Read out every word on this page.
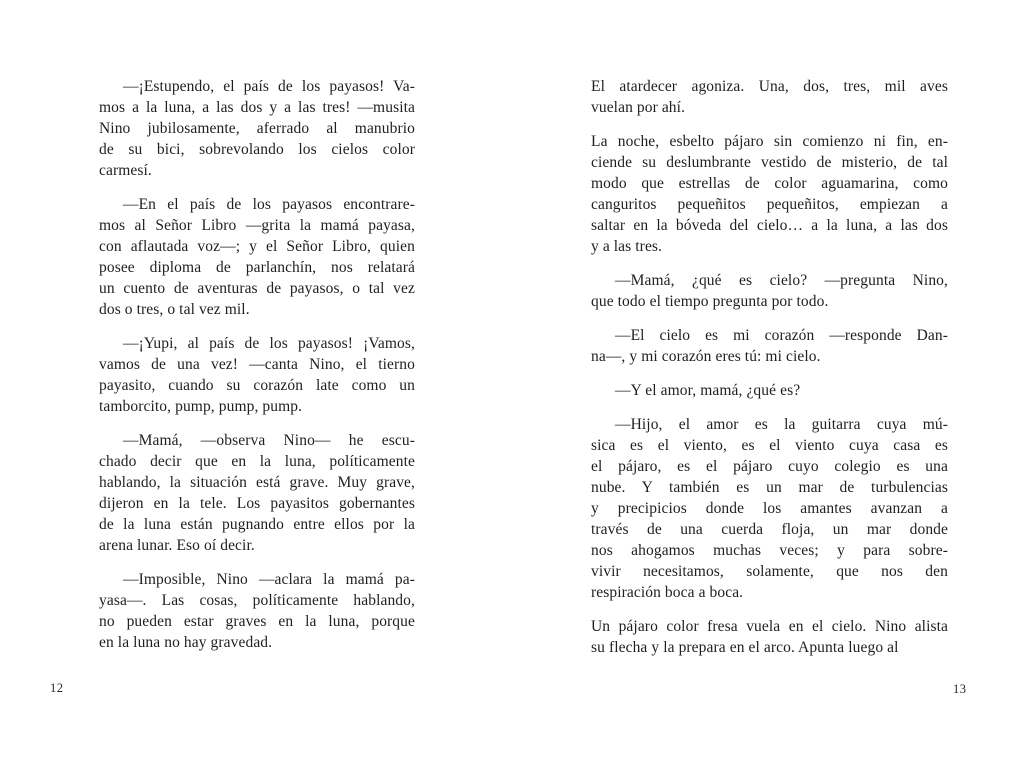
—¡Estupendo, el país de los payasos! Va-
mos a la luna, a las dos y a las tres! —musita
Nino jubilosamente, aferrado al manubrio
de su bici, sobrevolando los cielos color
carmesí.
—En el país de los payasos encontrare-
mos al Señor Libro —grita la mamá payasa,
con aflautada voz—; y el Señor Libro, quien
posee diploma de parlanchín, nos relatará
un cuento de aventuras de payasos, o tal vez
dos o tres, o tal vez mil.
—¡Yupi, al país de los payasos! ¡Vamos,
vamos de una vez! —canta Nino, el tierno
payasito, cuando su corazón late como un
tamborcito, pump, pump, pump.
—Mamá, —observa Nino— he escu-
chado decir que en la luna, políticamente
hablando, la situación está grave. Muy grave,
dijeron en la tele. Los payasitos gobernantes
de la luna están pugnando entre ellos por la
arena lunar. Eso oí decir.
—Imposible, Nino —aclara la mamá pa-
yasa—. Las cosas, políticamente hablando,
no pueden estar graves en la luna, porque
en la luna no hay gravedad.
El atardecer agoniza. Una, dos, tres, mil aves
vuelan por ahí.
La noche, esbelto pájaro sin comienzo ni fin, en-
ciende su deslumbrante vestido de misterio, de tal
modo que estrellas de color aguamarina, como
canguritos pequeñitos pequeñitos, empiezan a
saltar en la bóveda del cielo… a la luna, a las dos
y a las tres.
—Mamá, ¿qué es cielo? —pregunta Nino,
que todo el tiempo pregunta por todo.
—El cielo es mi corazón —responde Dan-
na—, y mi corazón eres tú: mi cielo.
—Y el amor, mamá, ¿qué es?
—Hijo, el amor es la guitarra cuya mú-
sica es el viento, es el viento cuya casa es
el pájaro, es el pájaro cuyo colegio es una
nube. Y también es un mar de turbulencias
y precipicios donde los amantes avanzan a
través de una cuerda floja, un mar donde
nos ahogamos muchas veces; y para sobre-
vivir necesitamos, solamente, que nos den
respiración boca a boca.
Un pájaro color fresa vuela en el cielo. Nino alista
su flecha y la prepara en el arco. Apunta luego al
12	13
